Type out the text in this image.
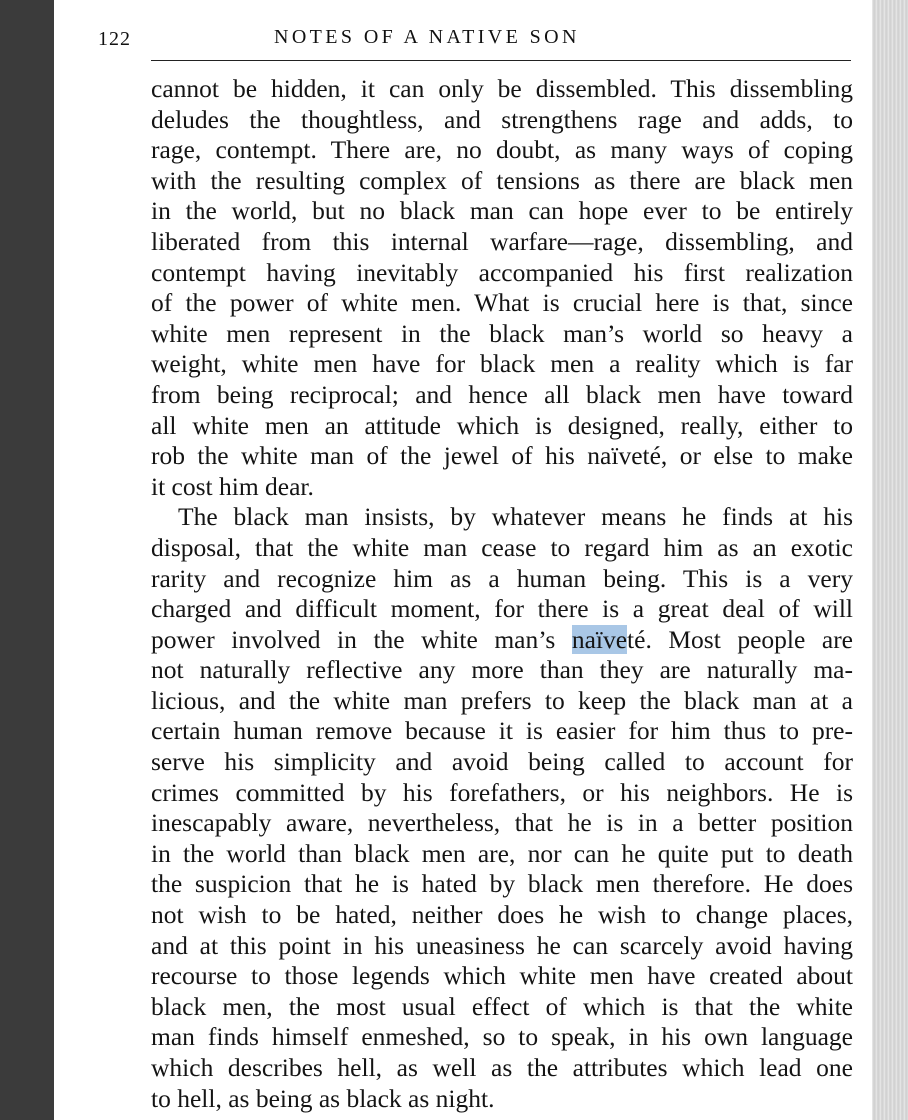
122	NOTES OF A NATIVE SON
cannot be hidden, it can only be dissembled. This dissembling
deludes the thoughtless, and strengthens rage and adds, to
rage, contempt. There are, no doubt, as many ways of coping
with the resulting complex of tensions as there are black men
in the world, but no black man can hope ever to be entirely
liberated from this internal warfare—rage, dissembling, and
contempt having inevitably accompanied his first realization
of the power of white men. What is crucial here is that, since
white men represent in the black man’s world so heavy a
weight, white men have for black men a reality which is far
from being reciprocal; and hence all black men have toward
all white men an attitude which is designed, really, either to
rob the white man of the jewel of his naïveté, or else to make
it cost him dear.
The black man insists, by whatever means he finds at his
disposal, that the white man cease to regard him as an exotic
rarity and recognize him as a human being. This is a very
charged and difficult moment, for there is a great deal of will
power involved in the white man’s naïveté. Most people are
not naturally reflective any more than they are naturally ma-
licious, and the white man prefers to keep the black man at a
certain human remove because it is easier for him thus to pre-
serve his simplicity and avoid being called to account for
crimes committed by his forefathers, or his neighbors. He is
inescapably aware, nevertheless, that he is in a better position
in the world than black men are, nor can he quite put to death
the suspicion that he is hated by black men therefore. He does
not wish to be hated, neither does he wish to change places,
and at this point in his uneasiness he can scarcely avoid having
recourse to those legends which white men have created about
black men, the most usual effect of which is that the white
man finds himself enmeshed, so to speak, in his own language
which describes hell, as well as the attributes which lead one
to hell, as being as black as night.
